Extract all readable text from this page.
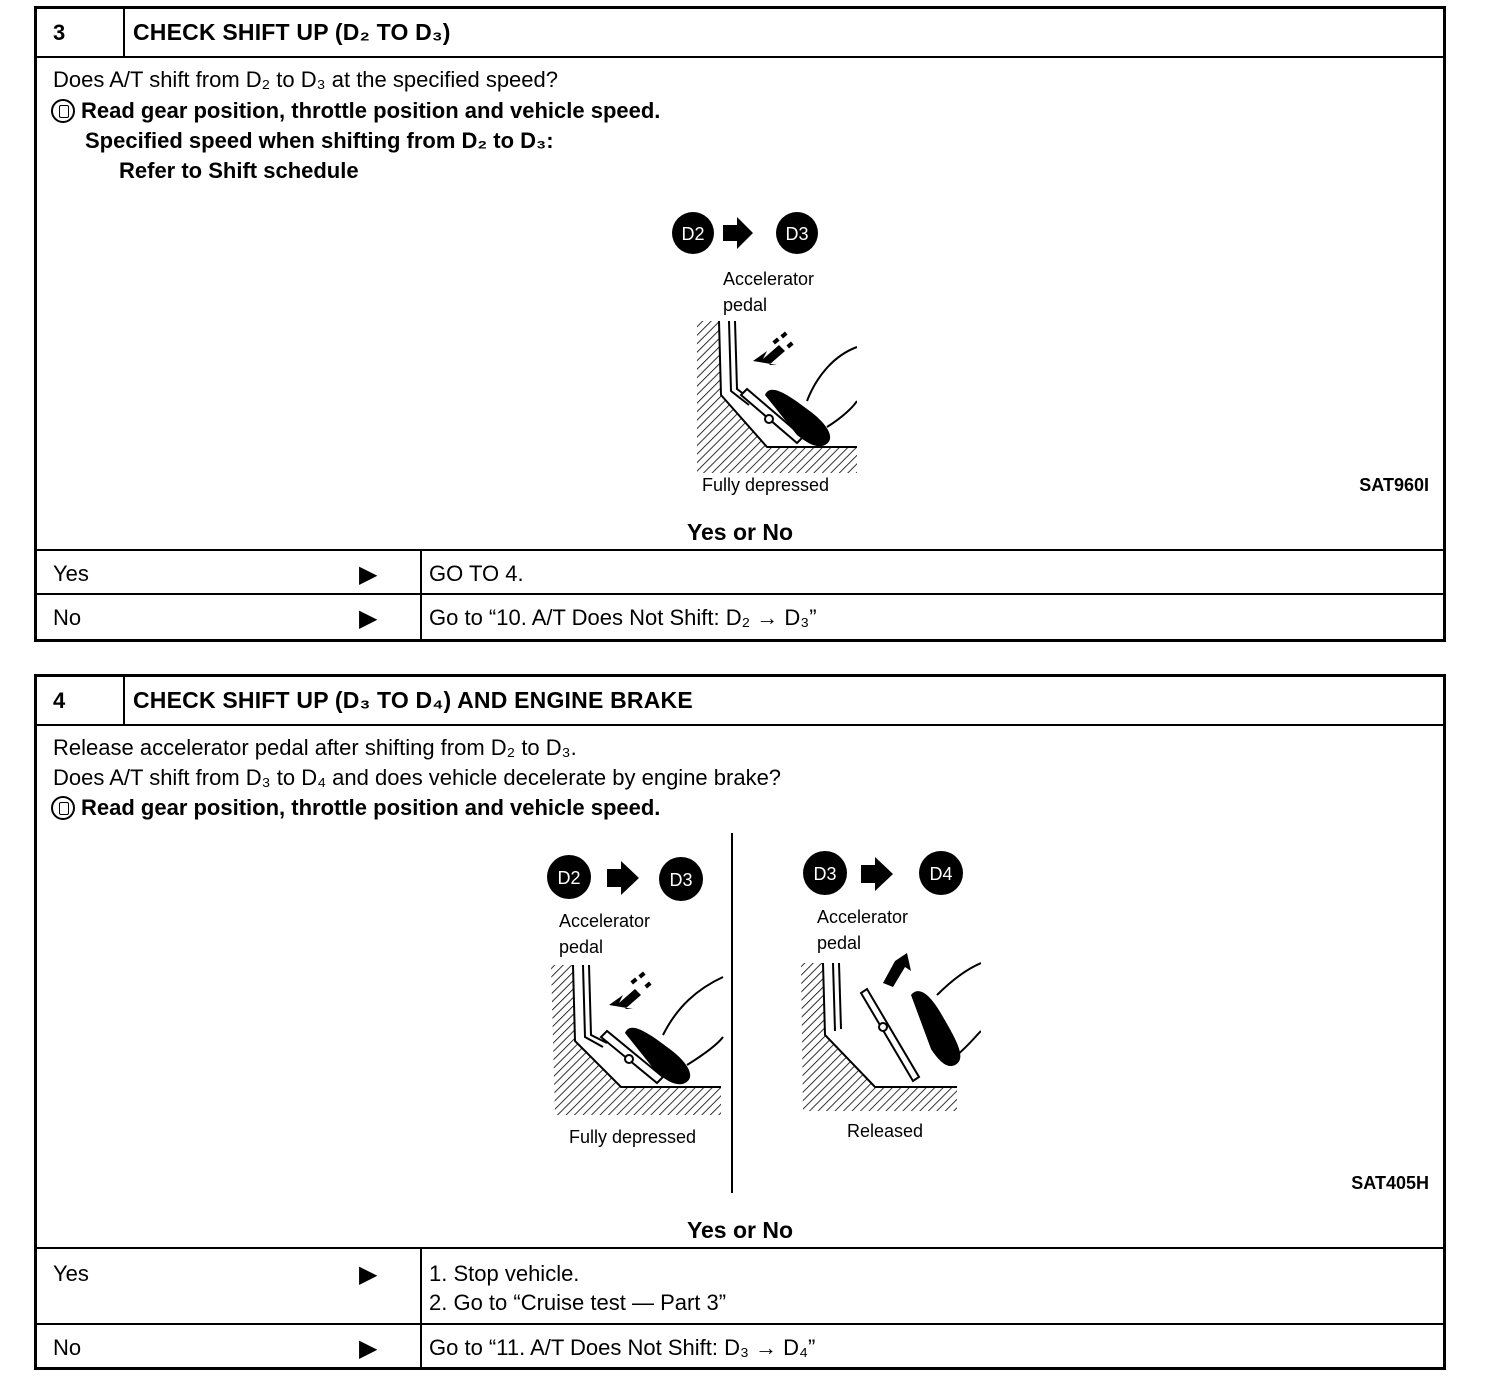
3	CHECK SHIFT UP (D₂ TO D₃)
Does A/T shift from D₂ to D₃ at the specified speed?
Read gear position, throttle position and vehicle speed.
Specified speed when shifting from D₂ to D₃:
Refer to Shift schedule
D2	D3
Accelerator
pedal
Fully depressed	SAT960I
Yes or No
Yes	▶ GO TO 4.
No	▶ Go to “10. A/T Does Not Shift: D₂ → D₃”
4	CHECK SHIFT UP (D₃ TO D₄) AND ENGINE BRAKE
Release accelerator pedal after shifting from D₂ to D₃.
Does A/T shift from D₃ to D₄ and does vehicle decelerate by engine brake?
Read gear position, throttle position and vehicle speed.
D2	D3
Accelerator
pedal
Fully depressed
D3	D4
Accelerator
pedal
Released
SAT405H
Yes or No
Yes	▶ 1. Stop vehicle.
2. Go to “Cruise test — Part 3”
No	▶ Go to “11. A/T Does Not Shift: D₃ → D₄”
